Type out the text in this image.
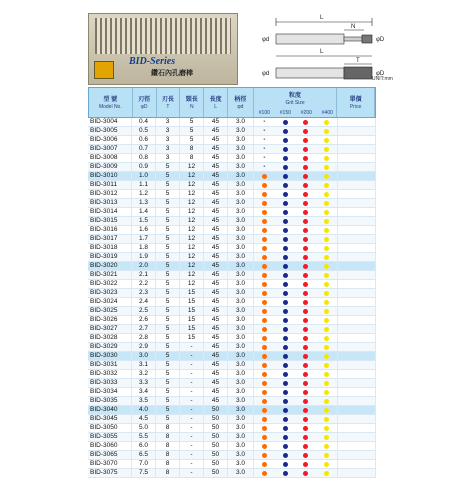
BID-Series
鑽石內孔磨棒
L
N
φd	φD
L
T
φd	φD
UNIT:mm
型 號
Model No.
刃徑
φD
刃長
T
頸長
N
長度
L
柄徑
φd
粒度
Grit Size
#100	#150	#200	#400
單價
Price
BID-3004	0.4	3	5	45	3.0	-
BID-3005	0.5	3	5	45	3.0	-
BID-3006	0.6	3	5	45	3.0	-
BID-3007	0.7	3	8	45	3.0	-
BID-3008	0.8	3	8	45	3.0	-
BID-3009	0.9	5	12	45	3.0	-
BID-3010	1.0	5	12	45	3.0
BID-3011	1.1	5	12	45	3.0
BID-3012	1.2	5	12	45	3.0
BID-3013	1.3	5	12	45	3.0
BID-3014	1.4	5	12	45	3.0
BID-3015	1.5	5	12	45	3.0
BID-3016	1.6	5	12	45	3.0
BID-3017	1.7	5	12	45	3.0
BID-3018	1.8	5	12	45	3.0
BID-3019	1.9	5	12	45	3.0
BID-3020	2.0	5	12	45	3.0
BID-3021	2.1	5	12	45	3.0
BID-3022	2.2	5	12	45	3.0
BID-3023	2.3	5	15	45	3.0
BID-3024	2.4	5	15	45	3.0
BID-3025	2.5	5	15	45	3.0
BID-3026	2.6	5	15	45	3.0
BID-3027	2.7	5	15	45	3.0
BID-3028	2.8	5	15	45	3.0
BID-3029	2.9	5	-	45	3.0
BID-3030	3.0	5	-	45	3.0
BID-3031	3.1	5	-	45	3.0
BID-3032	3.2	5	-	45	3.0
BID-3033	3.3	5	-	45	3.0
BID-3034	3.4	5	-	45	3.0
BID-3035	3.5	5	-	45	3.0
BID-3040	4.0	5	-	50	3.0
BID-3045	4.5	5	-	50	3.0
BID-3050	5.0	8	-	50	3.0
BID-3055	5.5	8	-	50	3.0
BID-3060	6.0	8	-	50	3.0
BID-3065	6.5	8	-	50	3.0
BID-3070	7.0	8	-	50	3.0
BID-3075	7.5	8	-	50	3.0
